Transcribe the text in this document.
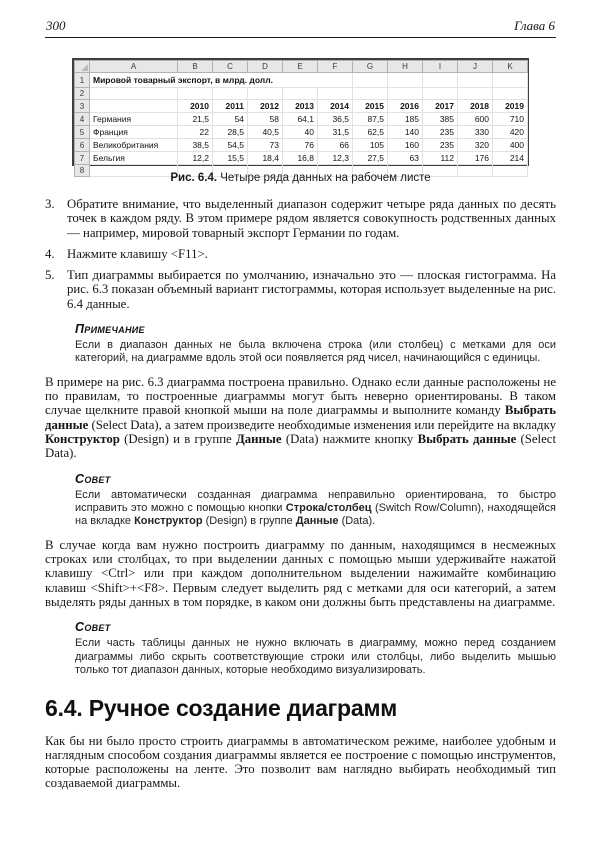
300	Глава 6
	A	B	C	D	E	F	G	H	I	J	K
1	Мировой товарный экспорт, в млрд. долл.										
2											
3		2010	2011	2012	2013	2014	2015	2016	2017	2018	2019
4	Германия	21,5	54	58	64,1	36,5	87,5	185	385	600	710
5	Франция	22	28,5	40,5	40	31,5	62,5	140	235	330	420
6	Великобритания	38,5	54,5	73	76	66	105	160	235	320	400
7	Бельгия	12,2	15,5	18,4	16,8	12,3	27,5	63	112	176	214
8											
Рис. 6.4. Четыре ряда данных на рабочем листе
3. Обратите внимание, что выделенный диапазон содержит четыре ряда данных по десять точек в каждом ряду. В этом примере рядом является совокупность родственных данных — например, мировой товарный экспорт Германии по годам.
4. Нажмите клавишу <F11>.
5. Тип диаграммы выбирается по умолчанию, изначально это — плоская гистограмма. На рис. 6.3 показан объемный вариант гистограммы, которая использует выделенные на рис. 6.4 данные.
Примечание
Если в диапазон данных не была включена строка (или столбец) с метками для оси категорий, на диаграмме вдоль этой оси появляется ряд чисел, начинающийся с единицы.
В примере на рис. 6.3 диаграмма построена правильно. Однако если данные расположены не по правилам, то построенные диаграммы могут быть неверно ориентированы. В таком случае щелкните правой кнопкой мыши на поле диаграммы и выполните команду Выбрать данные (Select Data), а затем произведите необходимые изменения или перейдите на вкладку Конструктор (Design) и в группе Данные (Data) нажмите кнопку Выбрать данные (Select Data).
Совет
Если автоматически созданная диаграмма неправильно ориентирована, то быстро исправить это можно с помощью кнопки Строка/столбец (Switch Row/Column), находящейся на вкладке Конструктор (Design) в группе Данные (Data).
В случае когда вам нужно построить диаграмму по данным, находящимся в несмежных строках или столбцах, то при выделении данных с помощью мыши удерживайте нажатой клавишу <Ctrl> или при каждом дополнительном выделении нажимайте комбинацию клавиш <Shift>+<F8>. Первым следует выделить ряд с метками для оси категорий, а затем выделять ряды данных в том порядке, в каком они должны быть представлены на диаграмме.
Совет
Если часть таблицы данных не нужно включать в диаграмму, можно перед созданием диаграммы либо скрыть соответствующие строки или столбцы, либо выделить мышью только тот диапазон данных, которые необходимо визуализировать.
6.4. Ручное создание диаграмм
Как бы ни было просто строить диаграммы в автоматическом режиме, наиболее удобным и наглядным способом создания диаграммы является ее построение с помощью инструментов, которые расположены на ленте. Это позволит вам наглядно выбирать необходимый тип создаваемой диаграммы.
